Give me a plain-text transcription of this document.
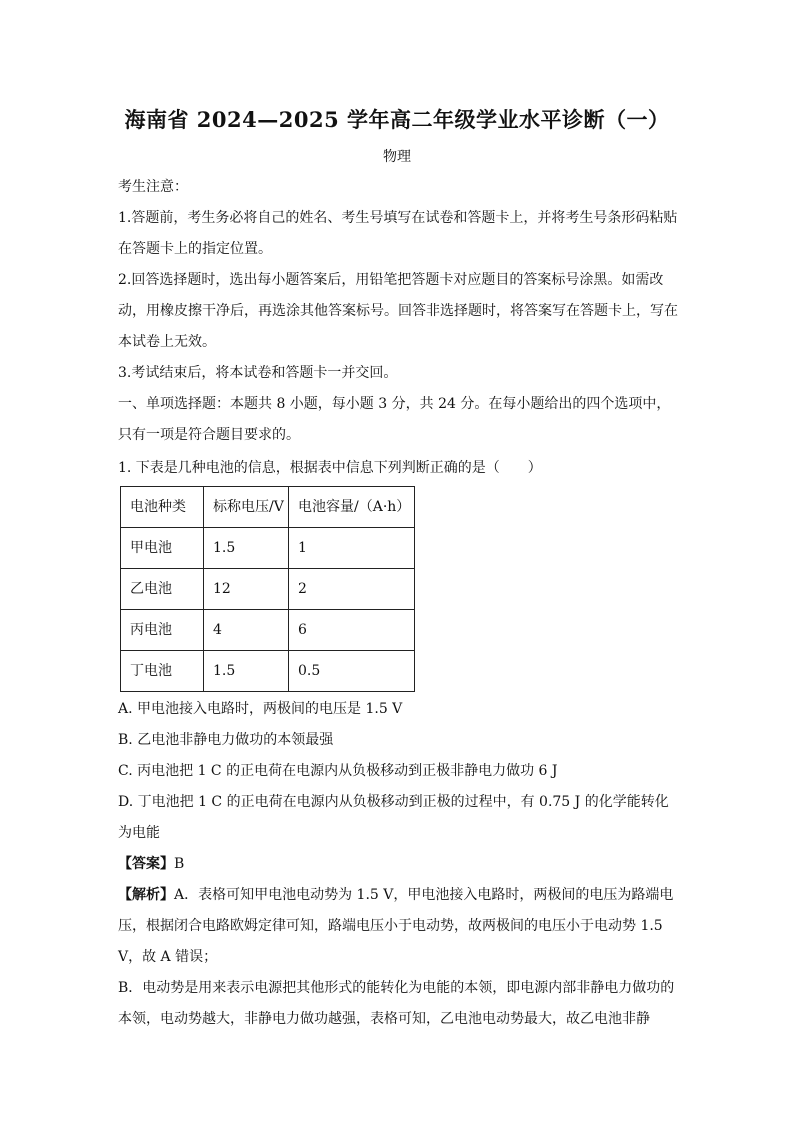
海南省 2024—2025 学年高二年级学业水平诊断（一）
物理

考生注意：

1.答题前，考生务必将自己的姓名、考生号填写在试卷和答题卡上，并将考生号条形码粘贴在答题卡上的指定位置。

2.回答选择题时，选出每小题答案后，用铅笔把答题卡对应题目的答案标号涂黑。如需改动，用橡皮擦干净后，再选涂其他答案标号。回答非选择题时，将答案写在答题卡上，写在本试卷上无效。

3.考试结束后，将本试卷和答题卡一并交回。

一、单项选择题：本题共 8 小题，每小题 3 分，共 24 分。在每小题给出的四个选项中，只有一项是符合题目要求的。

1. 下表是几种电池的信息，根据表中信息下列判断正确的是（　　）

电池种类	标称电压/V	电池容量/（A·h）
甲电池	1.5	1
乙电池	12	2
丙电池	4	6
丁电池	1.5	0.5

A. 甲电池接入电路时，两极间的电压是 1.5 V

B. 乙电池非静电力做功的本领最强

C. 丙电池把 1 C 的正电荷在电源内从负极移动到正极非静电力做功 6 J

D. 丁电池把 1 C 的正电荷在电源内从负极移动到正极的过程中，有 0.75 J 的化学能转化为电能

【答案】B

【解析】A．表格可知甲电池电动势为 1.5 V，甲电池接入电路时，两极间的电压为路端电压，根据闭合电路欧姆定律可知，路端电压小于电动势，故两极间的电压小于电动势 1.5 V，故 A 错误；

B．电动势是用来表示电源把其他形式的能转化为电能的本领，即电源内部非静电力做功的本领，电动势越大，非静电力做功越强，表格可知，乙电池电动势最大，故乙电池非静
